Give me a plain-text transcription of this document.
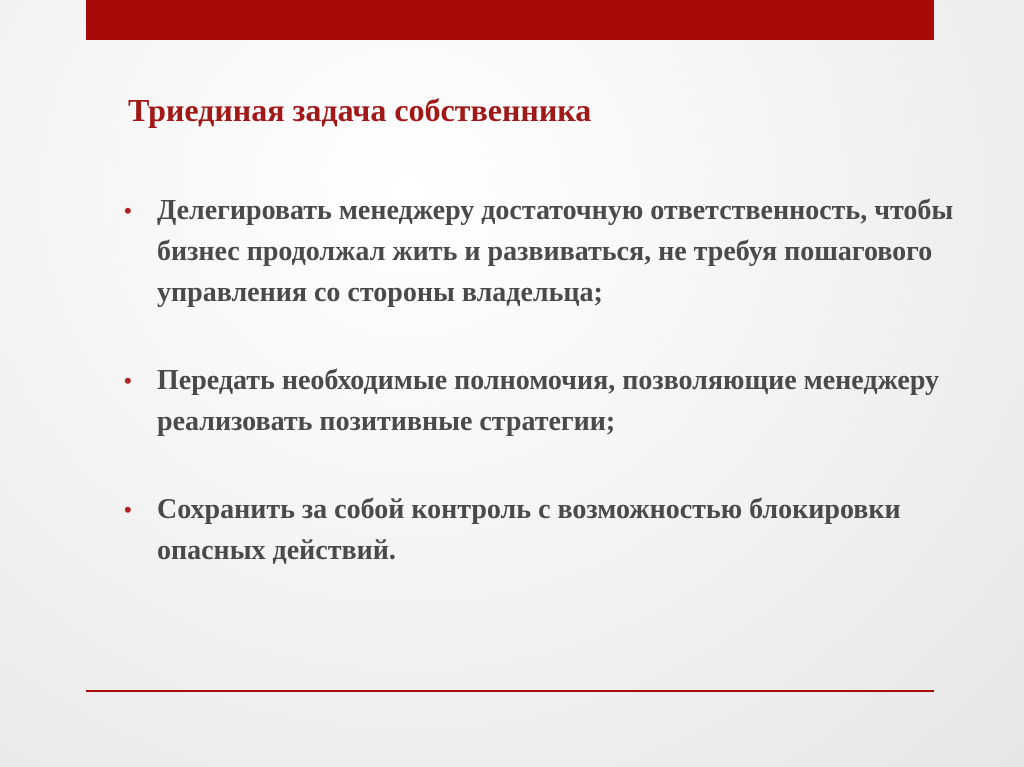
Триединая задача собственника
• Делегировать менеджеру достаточную ответственность, чтобы бизнес продолжал жить и развиваться, не требуя пошагового управления со стороны владельца;
• Передать необходимые полномочия, позволяющие менеджеру реализовать позитивные стратегии;
• Сохранить за собой контроль с возможностью блокировки опасных действий.
